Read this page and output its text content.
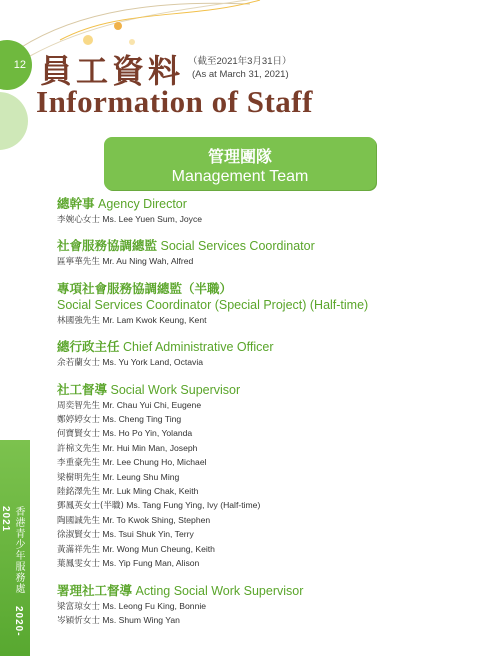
12 員工資料 （截至2021年3月31日）
(As at March 31, 2021)
Information of Staff
管理團隊
Management Team
總幹事 Agency Director
李婉心女士 Ms. Lee Yuen Sum, Joyce
社會服務協調總監 Social Services Coordinator
區寧華先生 Mr. Au Ning Wah, Alfred
專項社會服務協調總監（半職）
Social Services Coordinator (Special Project) (Half-time)
林國強先生 Mr. Lam Kwok Keung, Kent
總行政主任 Chief Administrative Officer
余若蘭女士 Ms. Yu York Land, Octavia
社工督導 Social Work Supervisor
周奕智先生 Mr. Chau Yui Chi, Eugene
鄭婷婷女士 Ms. Cheng Ting Ting
何寶賢女士 Ms. Ho Po Yin, Yolanda
許棉文先生 Mr. Hui Min Man, Joseph
李重豪先生 Mr. Lee Chung Ho, Michael
梁樹明先生 Mr. Leung Shu Ming
陸銘澤先生 Mr. Luk Ming Chak, Keith
鄧鳳英女士(半職) Ms. Tang Fung Ying, Ivy (Half-time)
陶國誠先生 Mr. To Kwok Shing, Stephen
徐淑賢女士 Ms. Tsui Shuk Yin, Terry
黃滿祥先生 Mr. Wong Mun Cheung, Keith
葉鳳雯女士 Ms. Yip Fung Man, Alison
署理社工督導 Acting Social Work Supervisor
梁富琼女士 Ms. Leong Fu King, Bonnie
岑穎忻女士 Ms. Shum Wing Yan
香港青少年服務處 2020-2021
